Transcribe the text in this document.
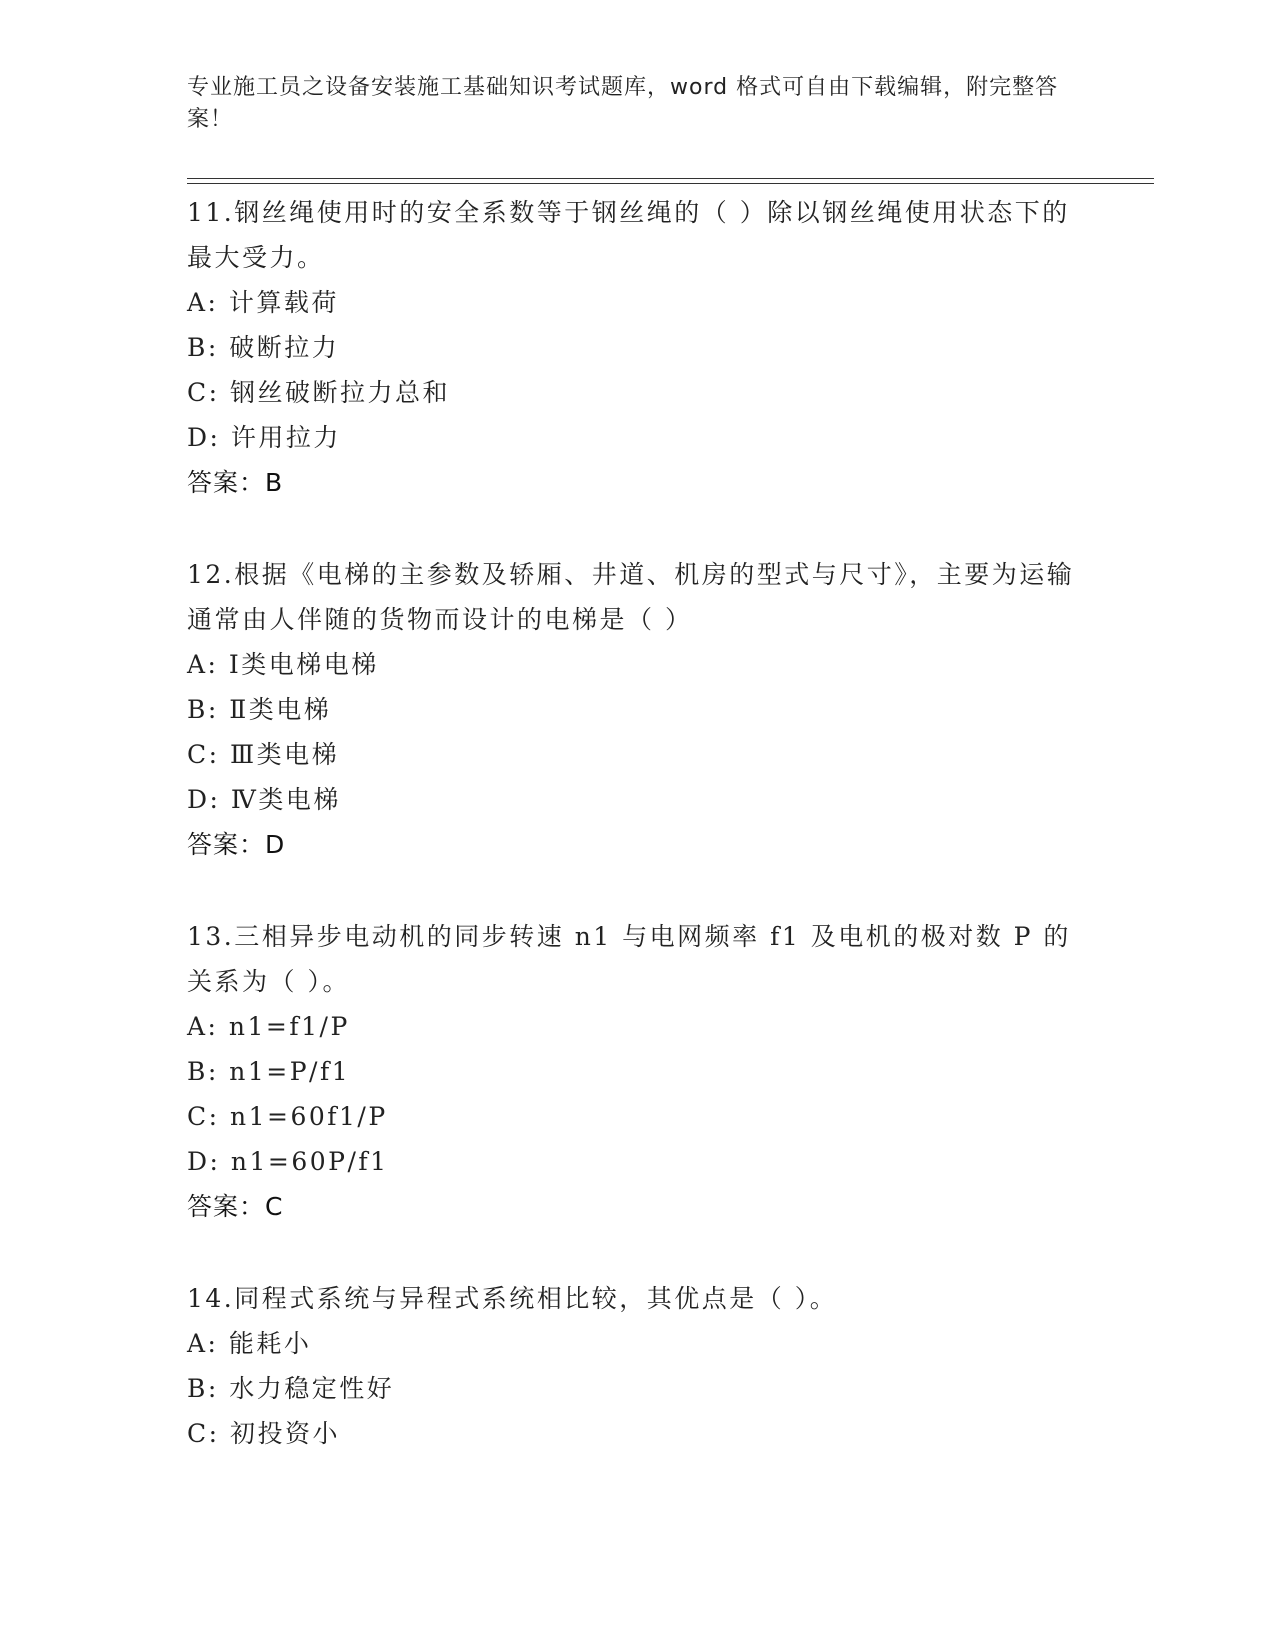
专业施工员之设备安装施工基础知识考试题库，word 格式可自由下载编辑，附完整答案！
11.钢丝绳使用时的安全系数等于钢丝绳的（ ）除以钢丝绳使用状态下的最大受力。
A: 计算载荷
B: 破断拉力
C: 钢丝破断拉力总和
D: 许用拉力
答案：B
12.根据《电梯的主参数及轿厢、井道、机房的型式与尺寸》，主要为运输通常由人伴随的货物而设计的电梯是（ ）
A: Ⅰ类电梯电梯
B: Ⅱ类电梯
C: Ⅲ类电梯
D: Ⅳ类电梯
答案：D
13.三相异步电动机的同步转速 n1 与电网频率 f1 及电机的极对数 P 的关系为（ ）。
A: n1=f1/P
B: n1=P/f1
C: n1=60f1/P
D: n1=60P/f1
答案：C
14.同程式系统与异程式系统相比较，其优点是（ ）。
A: 能耗小
B: 水力稳定性好
C: 初投资小
